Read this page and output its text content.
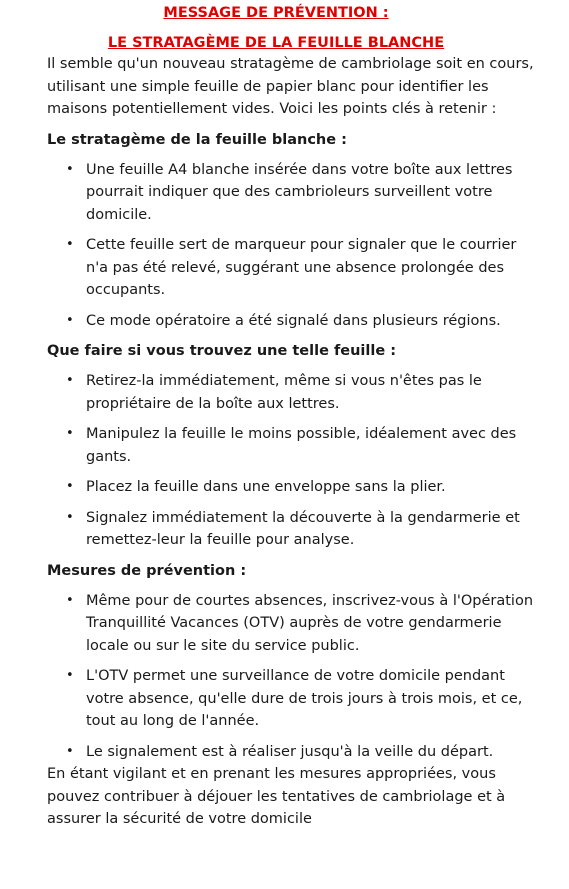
MESSAGE DE PRÉVENTION :

LE STRATAGÈME DE LA FEUILLE BLANCHE

Il semble qu'un nouveau stratagème de cambriolage soit en cours, utilisant une simple feuille de papier blanc pour identifier les maisons potentiellement vides. Voici les points clés à retenir :

Le stratagème de la feuille blanche :

• Une feuille A4 blanche insérée dans votre boîte aux lettres pourrait indiquer que des cambrioleurs surveillent votre domicile.
• Cette feuille sert de marqueur pour signaler que le courrier n'a pas été relevé, suggérant une absence prolongée des occupants.
• Ce mode opératoire a été signalé dans plusieurs régions.

Que faire si vous trouvez une telle feuille :

• Retirez-la immédiatement, même si vous n'êtes pas le propriétaire de la boîte aux lettres.
• Manipulez la feuille le moins possible, idéalement avec des gants.
• Placez la feuille dans une enveloppe sans la plier.
• Signalez immédiatement la découverte à la gendarmerie et remettez-leur la feuille pour analyse.

Mesures de prévention :

• Même pour de courtes absences, inscrivez-vous à l'Opération Tranquillité Vacances (OTV) auprès de votre gendarmerie locale ou sur le site du service public.
• L'OTV permet une surveillance de votre domicile pendant votre absence, qu'elle dure de trois jours à trois mois, et ce, tout au long de l'année.
• Le signalement est à réaliser jusqu'à la veille du départ.

En étant vigilant et en prenant les mesures appropriées, vous pouvez contribuer à déjouer les tentatives de cambriolage et à assurer la sécurité de votre domicile
